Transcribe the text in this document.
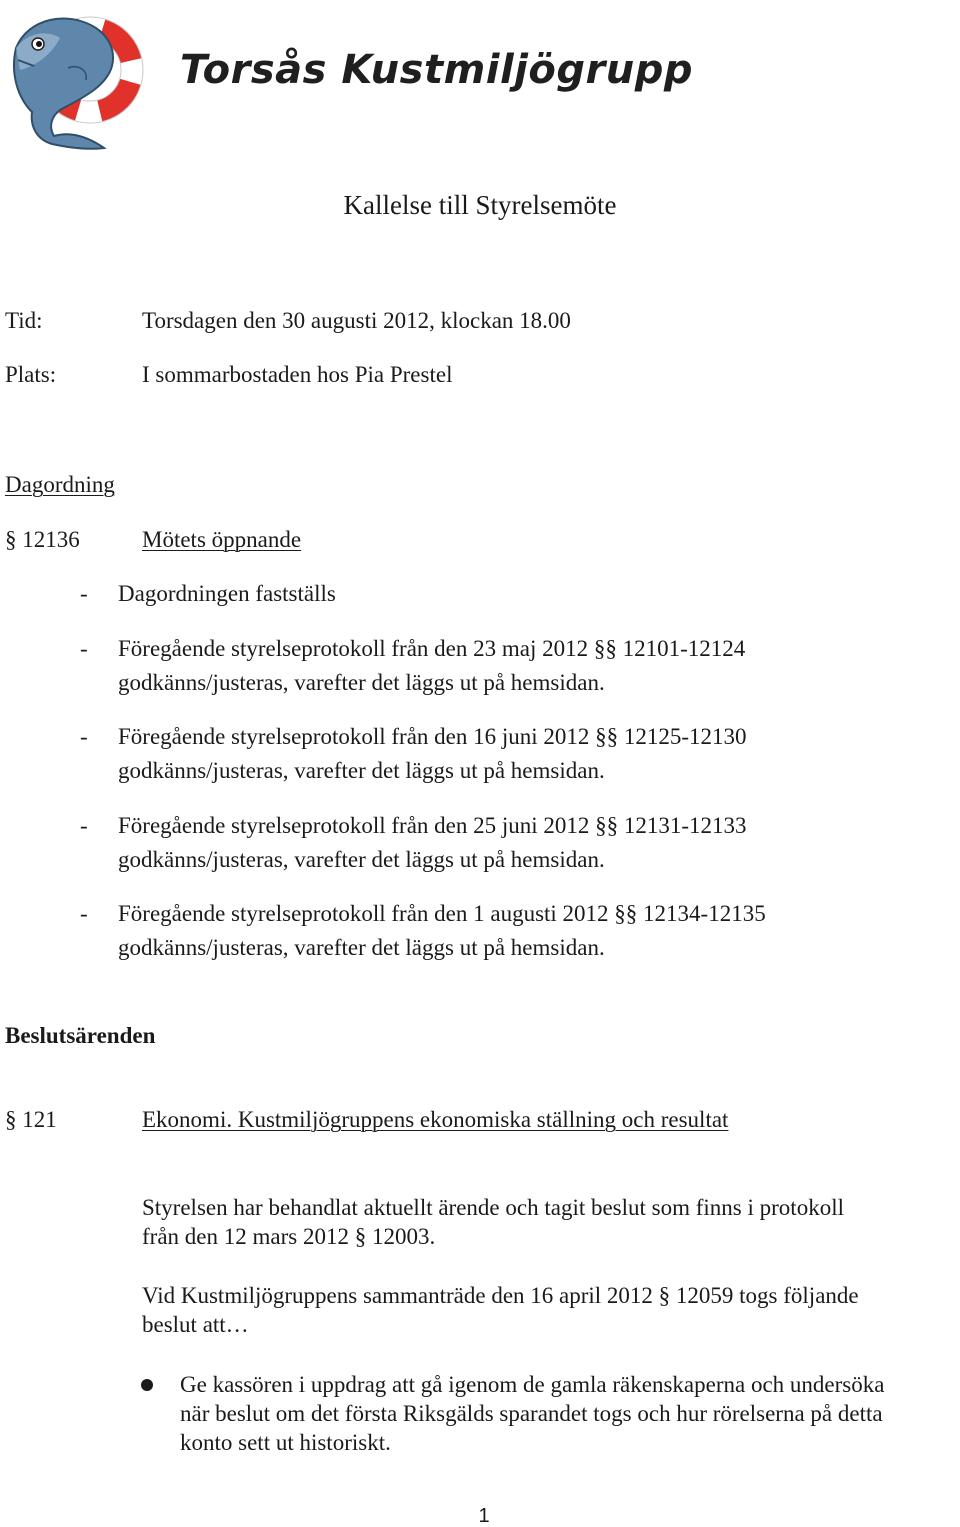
Torsås Kustmiljögrupp
Kallelse till Styrelsemöte
Tid:	Torsdagen den 30 augusti 2012, klockan 18.00
Plats:	I sommarbostaden hos Pia Prestel
Dagordning
§ 12136	Mötets öppnande
- Dagordningen fastställs
- Föregående styrelseprotokoll från den 23 maj 2012 §§ 12101-12124
godkänns/justeras, varefter det läggs ut på hemsidan.
- Föregående styrelseprotokoll från den 16 juni 2012 §§ 12125-12130
godkänns/justeras, varefter det läggs ut på hemsidan.
- Föregående styrelseprotokoll från den 25 juni 2012 §§ 12131-12133
godkänns/justeras, varefter det läggs ut på hemsidan.
- Föregående styrelseprotokoll från den 1 augusti 2012 §§ 12134-12135
godkänns/justeras, varefter det läggs ut på hemsidan.
Beslutsärenden
§ 121	Ekonomi. Kustmiljögruppens ekonomiska ställning och resultat
Styrelsen har behandlat aktuellt ärende och tagit beslut som finns i protokoll
från den 12 mars 2012 § 12003.
Vid Kustmiljögruppens sammanträde den 16 april 2012 § 12059 togs följande
beslut att…
Ge kassören i uppdrag att gå igenom de gamla räkenskaperna och undersöka
när beslut om det första Riksgälds sparandet togs och hur rörelserna på detta
konto sett ut historiskt.
1
